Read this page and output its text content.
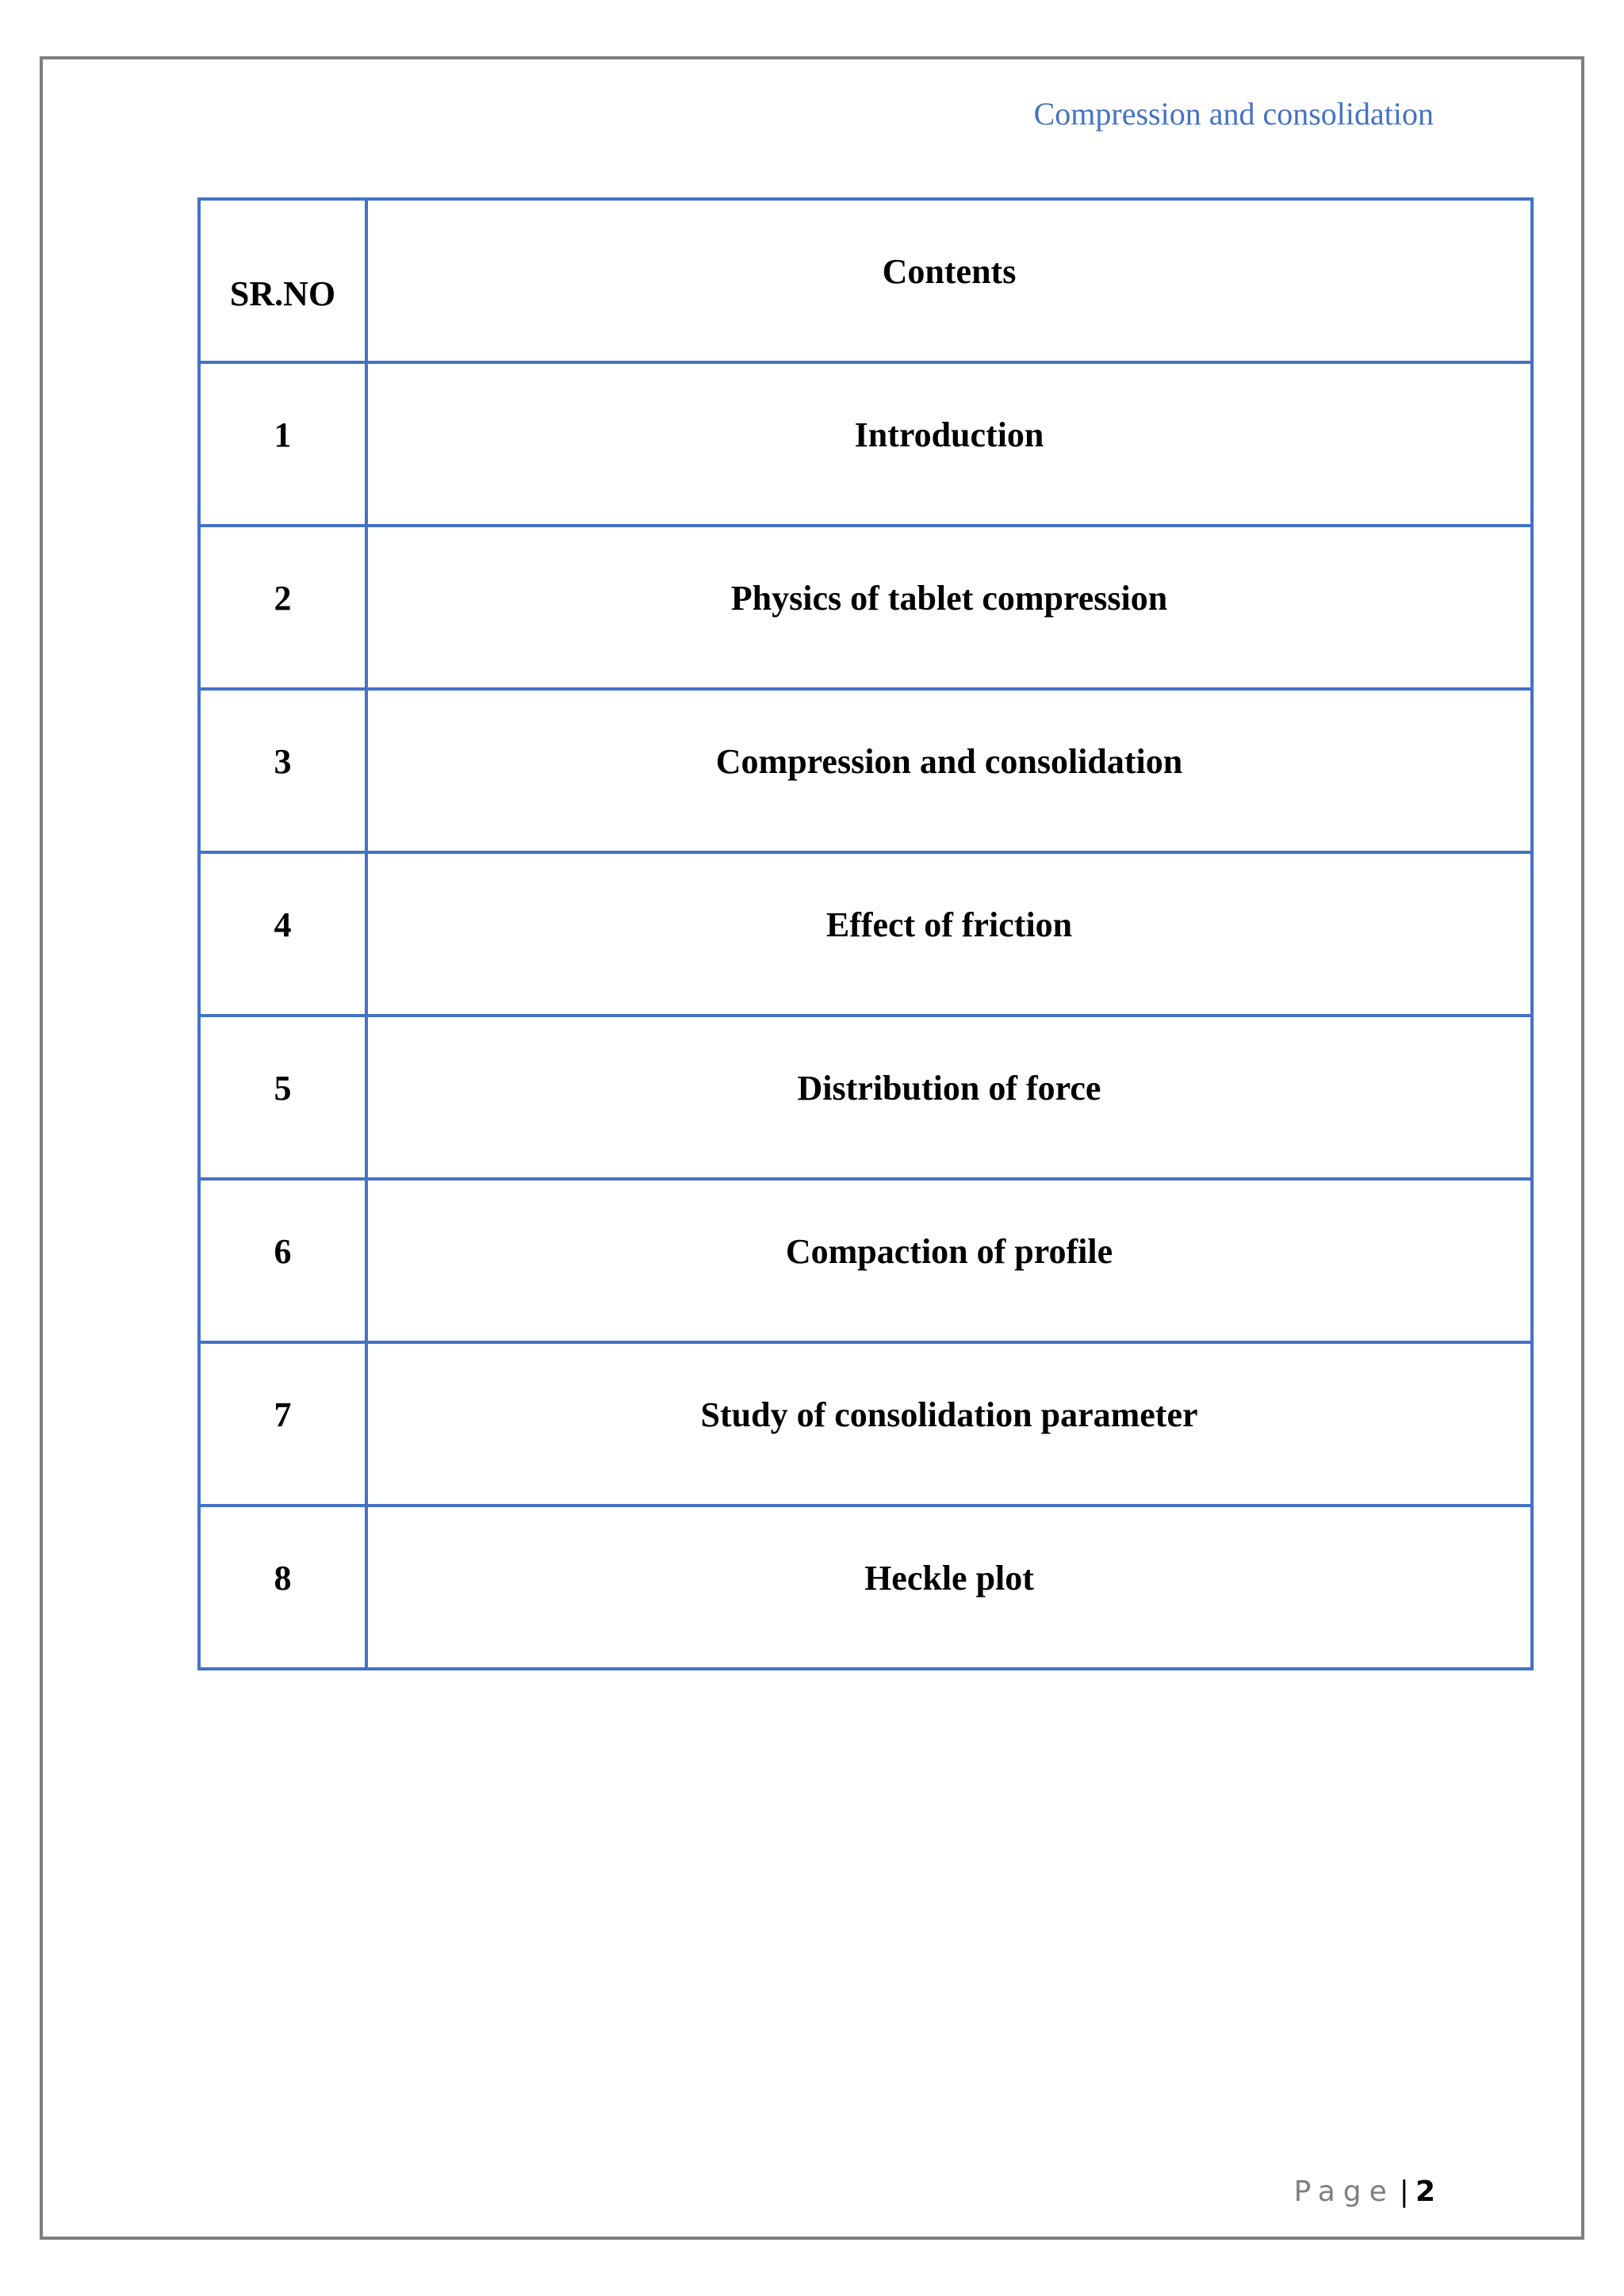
Compression and consolidation
SR.NO	Contents

1	Introduction

2	Physics of tablet compression

3	Compression and consolidation

4	Effect of friction

5	Distribution of force

6	Compaction of profile

7	Study of consolidation parameter

8	Heckle plot
Page | 2
